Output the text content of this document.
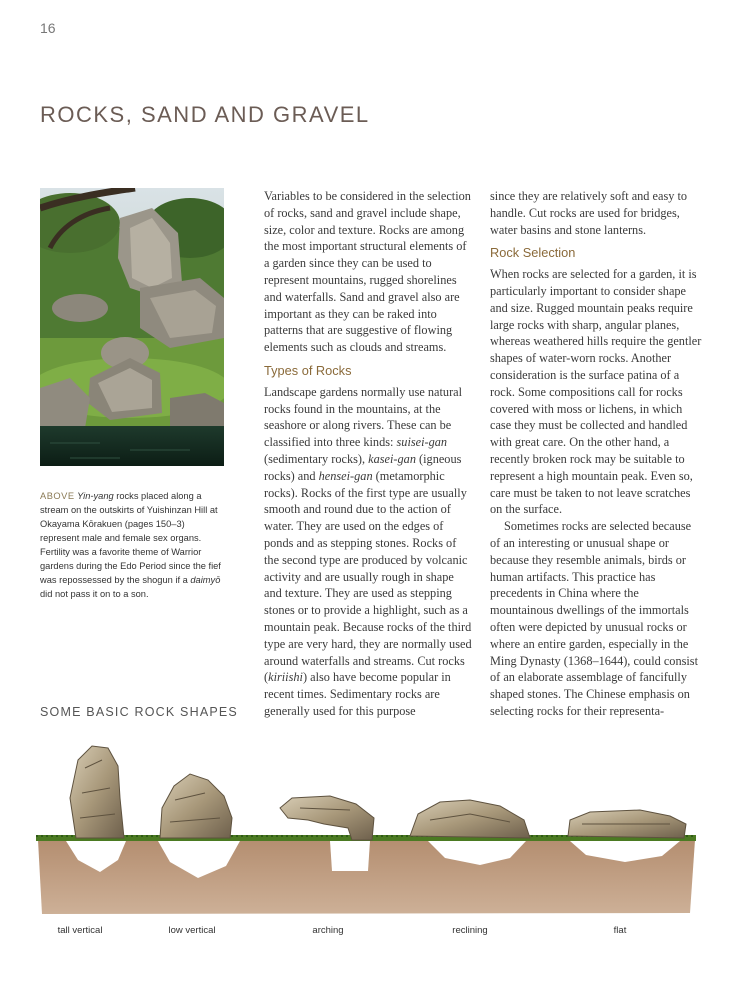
16
ROCKS, SAND AND GRAVEL
ABOVE Yin-yang rocks placed along a stream on the outskirts of Yuishinzan Hill at Okayama Kōrakuen (pages 150–3) represent male and female sex organs. Fertility was a favorite theme of Warrior gardens during the Edo Period since the fief was repossessed by the shogun if a daimyō did not pass it on to a son.

Variables to be considered in the selection of rocks, sand and gravel include shape, size, color and texture. Rocks are among the most important structural elements of a garden since they can be used to represent mountains, rugged shorelines and waterfalls. Sand and gravel also are important as they can be raked into patterns that are suggestive of flowing elements such as clouds and streams.

Types of Rocks

Landscape gardens normally use natural rocks found in the mountains, at the seashore or along rivers. These can be classified into three kinds: suisei-gan (sedimentary rocks), kasei-gan (igneous rocks) and hensei-gan (metamorphic rocks). Rocks of the first type are usually smooth and round due to the action of water. They are used on the edges of ponds and as stepping stones. Rocks of the second type are produced by volcanic activity and are usually rough in shape and texture. They are used as stepping stones or to provide a highlight, such as a mountain peak. Because rocks of the third type are very hard, they are normally used around waterfalls and streams. Cut rocks (kiriishi) also have become popular in recent times. Sedimentary rocks are generally used for this purpose

since they are relatively soft and easy to handle. Cut rocks are used for bridges, water basins and stone lanterns.

Rock Selection

When rocks are selected for a garden, it is particularly important to consider shape and size. Rugged mountain peaks require large rocks with sharp, angular planes, whereas weathered hills require the gentler shapes of water-worn rocks. Another consideration is the surface patina of a rock. Some compositions call for rocks covered with moss or lichens, in which case they must be collected and handled with great care. On the other hand, a recently broken rock may be suitable to represent a high mountain peak. Even so, care must be taken to not leave scratches on the surface.

Sometimes rocks are selected because of an interesting or unusual shape or because they resemble animals, birds or human artifacts. This practice has precedents in China where the mountainous dwellings of the immortals often were depicted by unusual rocks or where an entire garden, especially in the Ming Dynasty (1368–1644), could consist of an elaborate assemblage of fancifully shaped stones. The Chinese emphasis on selecting rocks for their representa-

SOME BASIC ROCK SHAPES
tall vertical	low vertical	arching	reclining	flat
